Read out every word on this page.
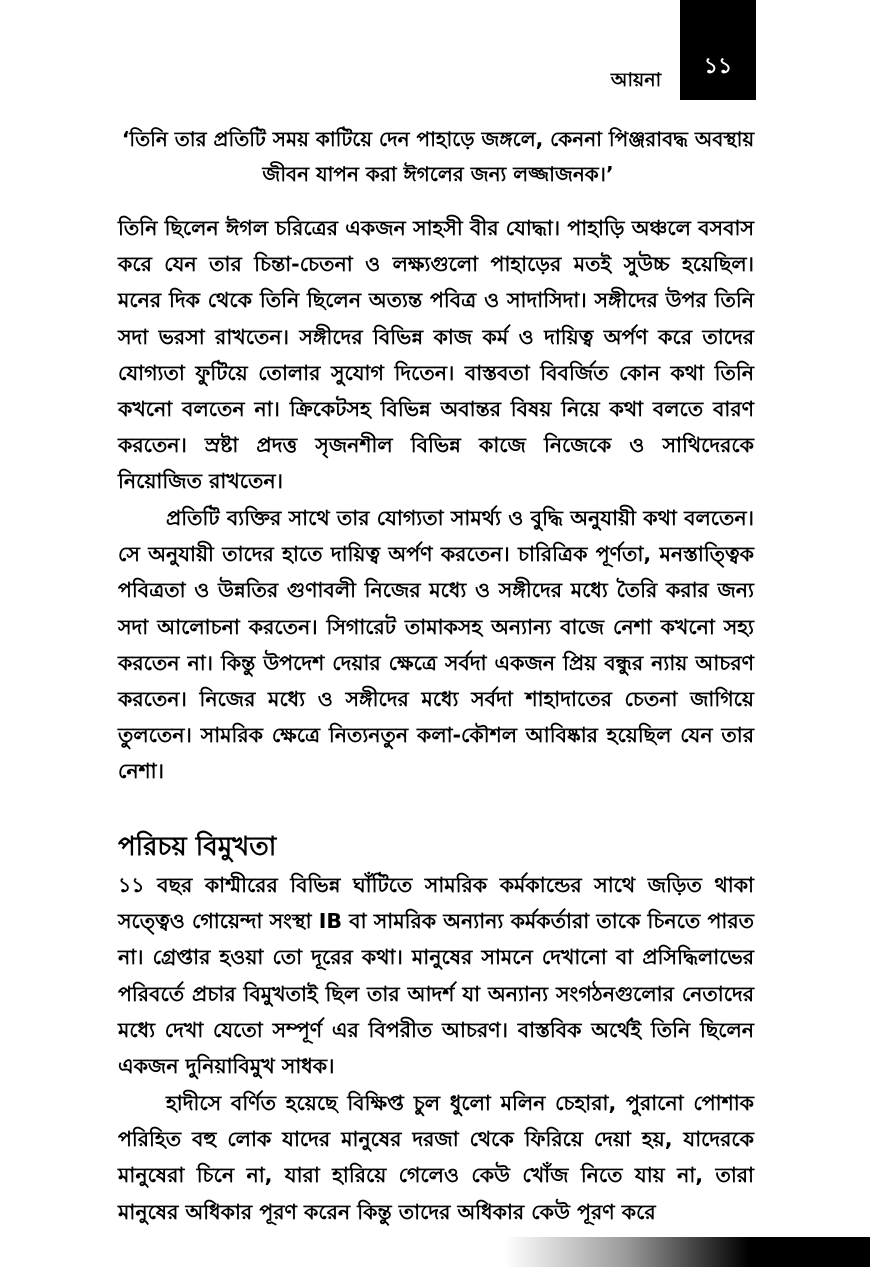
আয়না
১১
‘তিনি তার প্রতিটি সময় কাটিয়ে দেন পাহাড়ে জঙ্গলে, কেননা পিঞ্জরাবদ্ধ অবস্থায় জীবন যাপন করা ঈগলের জন্য লজ্জাজনক।’

তিনি ছিলেন ঈগল চরিত্রের একজন সাহসী বীর যোদ্ধা। পাহাড়ি অঞ্চলে বসবাস করে যেন তার চিন্তা-চেতনা ও লক্ষ্যগুলো পাহাড়ের মতই সুউচ্চ হয়েছিল। মনের দিক থেকে তিনি ছিলেন অত্যন্ত পবিত্র ও সাদাসিদা। সঙ্গীদের উপর তিনি সদা ভরসা রাখতেন। সঙ্গীদের বিভিন্ন কাজ কর্ম ও দায়িত্ব অর্পণ করে তাদের যোগ্যতা ফুটিয়ে তোলার সুযোগ দিতেন। বাস্তবতা বিবর্জিত কোন কথা তিনি কখনো বলতেন না। ক্রিকেটসহ বিভিন্ন অবান্তর বিষয় নিয়ে কথা বলতে বারণ করতেন। স্রষ্টা প্রদত্ত সৃজনশীল বিভিন্ন কাজে নিজেকে ও সাথিদেরকে নিয়োজিত রাখতেন।

প্রতিটি ব্যক্তির সাথে তার যোগ্যতা সামর্থ্য ও বুদ্ধি অনুযায়ী কথা বলতেন। সে অনুযায়ী তাদের হাতে দায়িত্ব অর্পণ করতেন। চারিত্রিক পূর্ণতা, মনস্তাত্ত্বিক পবিত্রতা ও উন্নতির গুণাবলী নিজের মধ্যে ও সঙ্গীদের মধ্যে তৈরি করার জন্য সদা আলোচনা করতেন। সিগারেট তামাকসহ অন্যান্য বাজে নেশা কখনো সহ্য করতেন না। কিন্তু উপদেশ দেয়ার ক্ষেত্রে সর্বদা একজন প্রিয় বন্ধুর ন্যায় আচরণ করতেন। নিজের মধ্যে ও সঙ্গীদের মধ্যে সর্বদা শাহাদাতের চেতনা জাগিয়ে তুলতেন। সামরিক ক্ষেত্রে নিত্যনতুন কলা-কৌশল আবিষ্কার হয়েছিল যেন তার নেশা।

পরিচয় বিমুখতা

১১ বছর কাশ্মীরের বিভিন্ন ঘাঁটিতে সামরিক কর্মকান্ডের সাথে জড়িত থাকা সত্ত্বেও গোয়েন্দা সংস্থা IB বা সামরিক অন্যান্য কর্মকর্তারা তাকে চিনতে পারত না। গ্রেপ্তার হওয়া তো দূরের কথা। মানুষের সামনে দেখানো বা প্রসিদ্ধিলাভের পরিবর্তে প্রচার বিমুখতাই ছিল তার আদর্শ যা অন্যান্য সংগঠনগুলোর নেতাদের মধ্যে দেখা যেতো সম্পূর্ণ এর বিপরীত আচরণ। বাস্তবিক অর্থেই তিনি ছিলেন একজন দুনিয়াবিমুখ সাধক।

হাদীসে বর্ণিত হয়েছে বিক্ষিপ্ত চুল ধুলো মলিন চেহারা, পুরানো পোশাক পরিহিত বহু লোক যাদের মানুষের দরজা থেকে ফিরিয়ে দেয়া হয়, যাদেরকে মানুষেরা চিনে না, যারা হারিয়ে গেলেও কেউ খোঁজ নিতে যায় না, তারা মানুষের অধিকার পূরণ করেন কিন্তু তাদের অধিকার কেউ পূরণ করে
